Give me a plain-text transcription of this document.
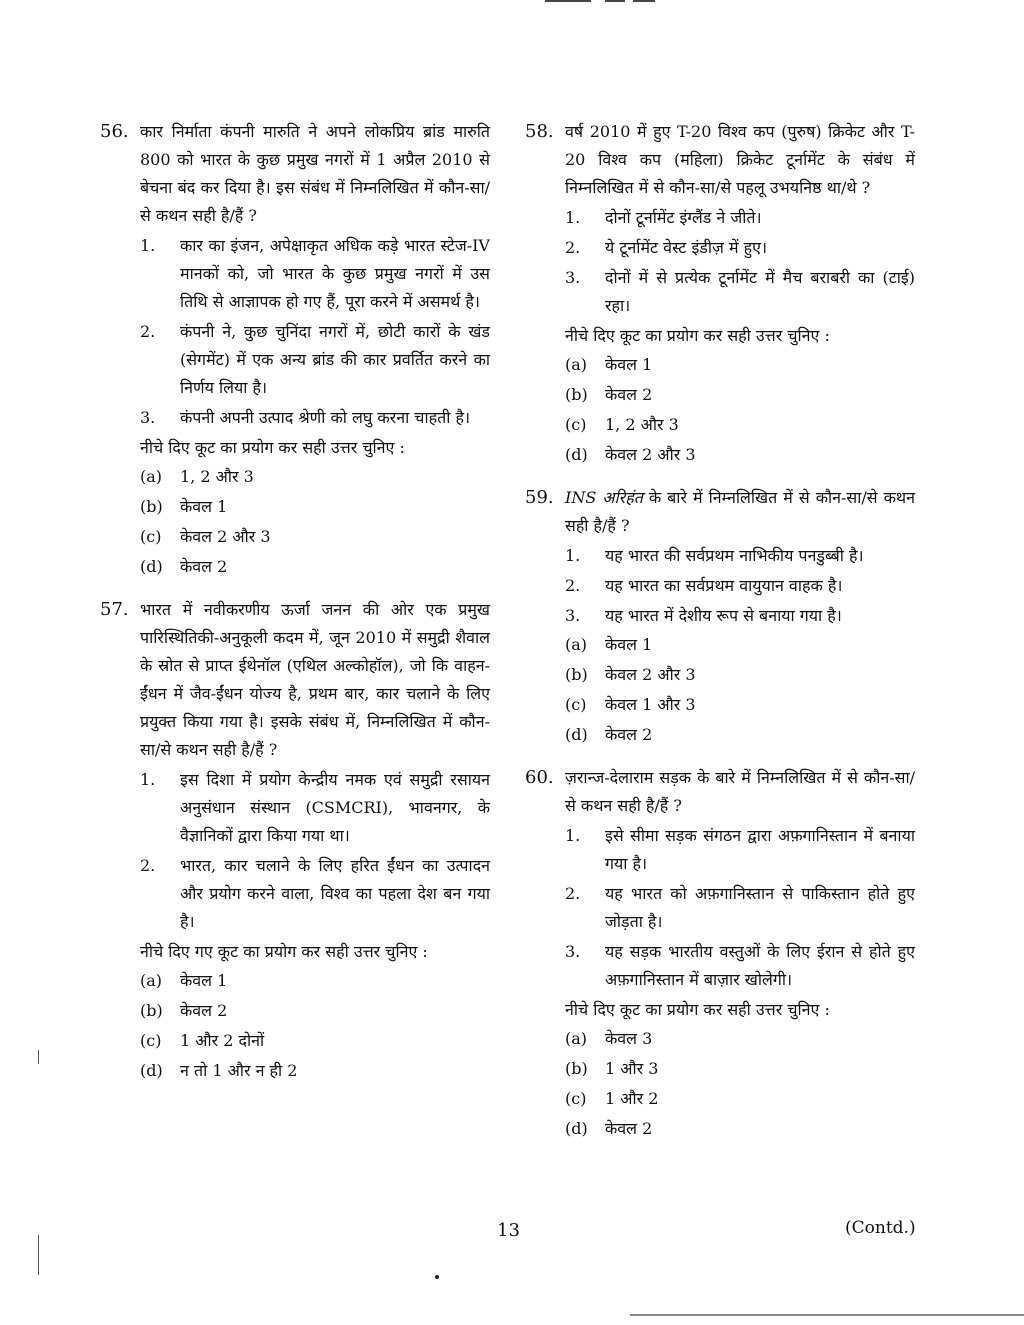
56. कार निर्माता कंपनी मारुति ने अपने लोकप्रिय ब्रांड मारुति 800 को भारत के कुछ प्रमुख नगरों में 1 अप्रैल 2010 से बेचना बंद कर दिया है। इस संबंध में निम्नलिखित में कौन-सा/से कथन सही है/हैं ?
1.	कार का इंजन, अपेक्षाकृत अधिक कड़े भारत स्टेज-IV मानकों को, जो भारत के कुछ प्रमुख नगरों में उस तिथि से आज्ञापक हो गए हैं, पूरा करने में असमर्थ है।
2.	कंपनी ने, कुछ चुनिंदा नगरों में, छोटी कारों के खंड (सेगमेंट) में एक अन्य ब्रांड की कार प्रवर्तित करने का निर्णय लिया है।
3.	कंपनी अपनी उत्पाद श्रेणी को लघु करना चाहती है।
नीचे दिए कूट का प्रयोग कर सही उत्तर चुनिए :
(a)	1, 2 और 3
(b)	केवल 1
(c)	केवल 2 और 3
(d)	केवल 2
57. भारत में नवीकरणीय ऊर्जा जनन की ओर एक प्रमुख पारिस्थितिकी-अनुकूली कदम में, जून 2010 में समुद्री शैवाल के स्रोत से प्राप्त ईथेनॉल (एथिल अल्कोहॉल), जो कि वाहन-ईंधन में जैव-ईंधन योज्य है, प्रथम बार, कार चलाने के लिए प्रयुक्त किया गया है। इसके संबंध में, निम्नलिखित में कौन-सा/से कथन सही है/हैं ?
1.	इस दिशा में प्रयोग केन्द्रीय नमक एवं समुद्री रसायन अनुसंधान संस्थान (CSMCRI), भावनगर, के वैज्ञानिकों द्वारा किया गया था।
2.	भारत, कार चलाने के लिए हरित ईंधन का उत्पादन और प्रयोग करने वाला, विश्व का पहला देश बन गया है।
नीचे दिए गए कूट का प्रयोग कर सही उत्तर चुनिए :
(a)	केवल 1
(b)	केवल 2
(c)	1 और 2 दोनों
(d)	न तो 1 और न ही 2
58. वर्ष 2010 में हुए T-20 विश्व कप (पुरुष) क्रिकेट और T-20 विश्व कप (महिला) क्रिकेट टूर्नामेंट के संबंध में निम्नलिखित में से कौन-सा/से पहलू उभयनिष्ठ था/थे ?
1.	दोनों टूर्नामेंट इंग्लैंड ने जीते।
2.	ये टूर्नामेंट वेस्ट इंडीज़ में हुए।
3.	दोनों में से प्रत्येक टूर्नामेंट में मैच बराबरी का (टाई) रहा।
नीचे दिए कूट का प्रयोग कर सही उत्तर चुनिए :
(a)	केवल 1
(b)	केवल 2
(c)	1, 2 और 3
(d)	केवल 2 और 3
59. INS अरिहंत के बारे में निम्नलिखित में से कौन-सा/से कथन सही है/हैं ?
1.	यह भारत की सर्वप्रथम नाभिकीय पनडुब्बी है।
2.	यह भारत का सर्वप्रथम वायुयान वाहक है।
3.	यह भारत में देशीय रूप से बनाया गया है।
(a)	केवल 1
(b)	केवल 2 और 3
(c)	केवल 1 और 3
(d)	केवल 2
60. ज़रान्ज-देलाराम सड़क के बारे में निम्नलिखित में से कौन-सा/से कथन सही है/हैं ?
1.	इसे सीमा सड़क संगठन द्वारा अफ़गानिस्तान में बनाया गया है।
2.	यह भारत को अफ़गानिस्तान से पाकिस्तान होते हुए जोड़ता है।
3.	यह सड़क भारतीय वस्तुओं के लिए ईरान से होते हुए अफ़गानिस्तान में बाज़ार खोलेगी।
नीचे दिए कूट का प्रयोग कर सही उत्तर चुनिए :
(a)	केवल 3
(b)	1 और 3
(c)	1 और 2
(d)	केवल 2
13	(Contd.)
